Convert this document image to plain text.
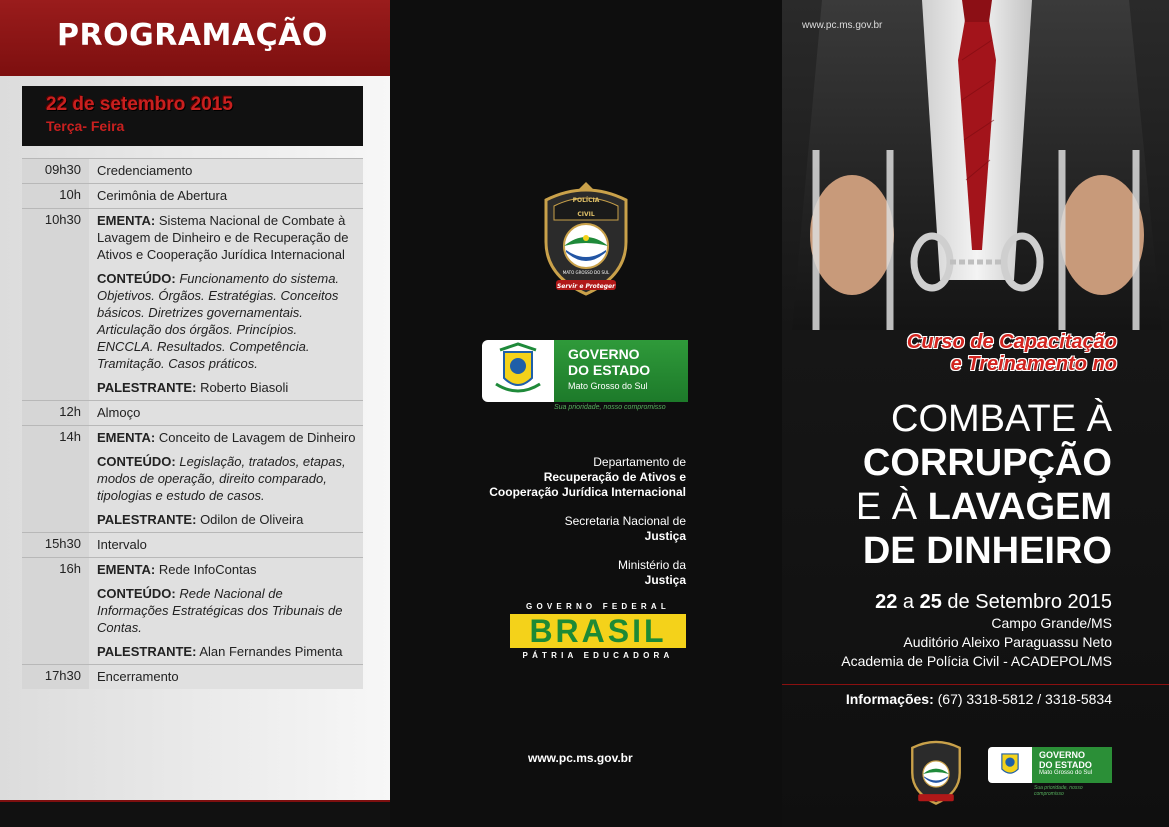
PROGRAMAÇÃO
22 de setembro 2015
Terça- Feira
09h30	Credenciamento

10h	Cerimônia de Abertura

10h30	EMENTA: Sistema Nacional de Combate à Lavagem de Dinheiro e de Recuperação de Ativos e Cooperação Jurídica Internacional

CONTEÚDO: Funcionamento do sistema. Objetivos. Órgãos. Estratégias. Conceitos básicos. Diretrizes governamentais. Articulação dos órgãos. Princípios. ENCCLA. Resultados. Competência. Tramitação. Casos práticos.

PALESTRANTE: Roberto Biasoli

12h	Almoço

14h	EMENTA: Conceito de Lavagem de Dinheiro

CONTEÚDO: Legislação, tratados, etapas, modos de operação, direito comparado, tipologias e estudo de casos.

PALESTRANTE: Odilon de Oliveira

15h30	Intervalo

16h	EMENTA: Rede InfoContas

CONTEÚDO: Rede Nacional de Informações Estratégicas dos Tribunais de Contas.

PALESTRANTE: Alan Fernandes Pimenta

17h30	Encerramento

POLÍCIA
CIVIL
MATO GROSSO DO SUL
Servir e Proteger
GOVERNO
DO ESTADO
Mato Grosso do Sul
Sua prioridade, nosso compromisso
Departamento de
Recuperação de Ativos e
Cooperação Jurídica Internacional
Secretaria Nacional de
Justiça
Ministério da
Justiça
GOVERNO FEDERAL
BRASIL
PÁTRIA EDUCADORA
www.pc.ms.gov.br
www.pc.ms.gov.br
Curso de Capacitação
e Treinamento no
COMBATE À
CORRUPÇÃO
E À LAVAGEM
DE DINHEIRO
22 a 25 de Setembro 2015
Campo Grande/MS
Auditório Aleixo Paraguassu Neto
Academia de Polícia Civil - ACADEPOL/MS
Informações: (67) 3318-5812 / 3318-5834
GOVERNO
DO ESTADO
Mato Grosso do Sul
Sua prioridade, nosso compromisso
